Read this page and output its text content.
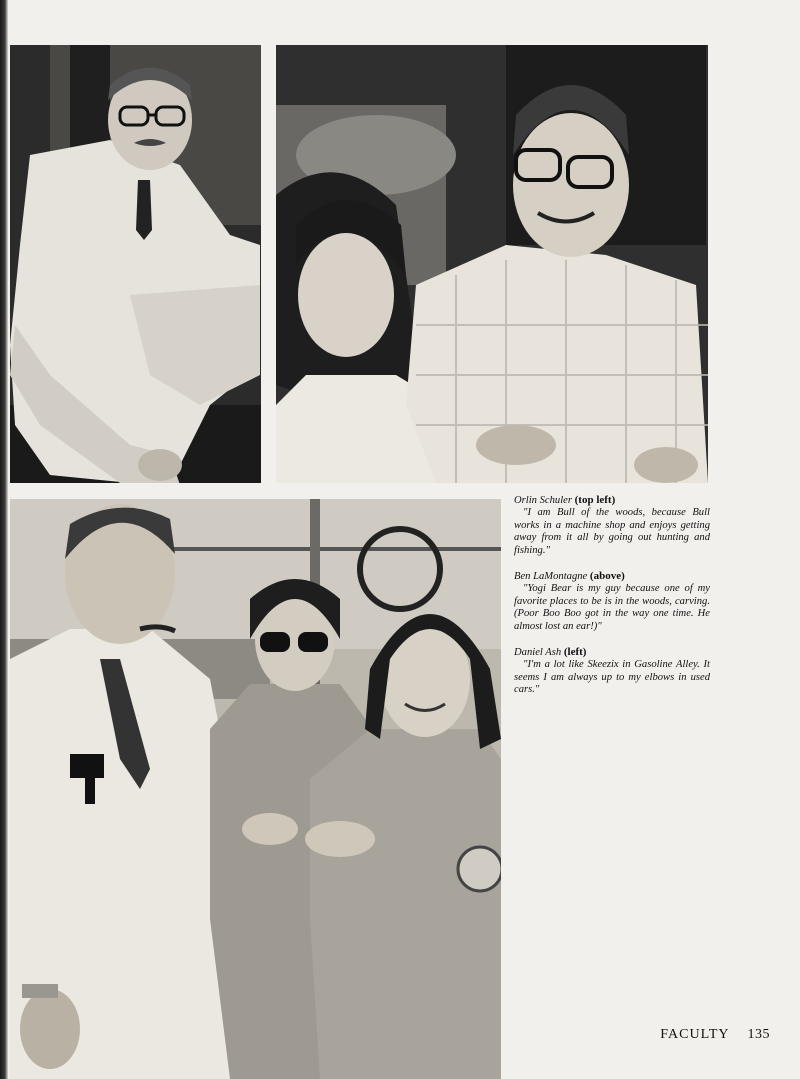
Orlin Schuler (top left)

"I am Bull of the woods, because Bull works in a machine shop and enjoys getting away from it all by going out hunting and fishing."

Ben LaMontagne (above)

"Yogi Bear is my guy because one of my favorite places to be is in the woods, carving. (Poor Boo Boo got in the way one time. He almost lost an ear!)"

Daniel Ash (left)

"I'm a lot like Skeezix in Gasoline Alley. It seems I am always up to my elbows in used cars."

FACULTY 135
